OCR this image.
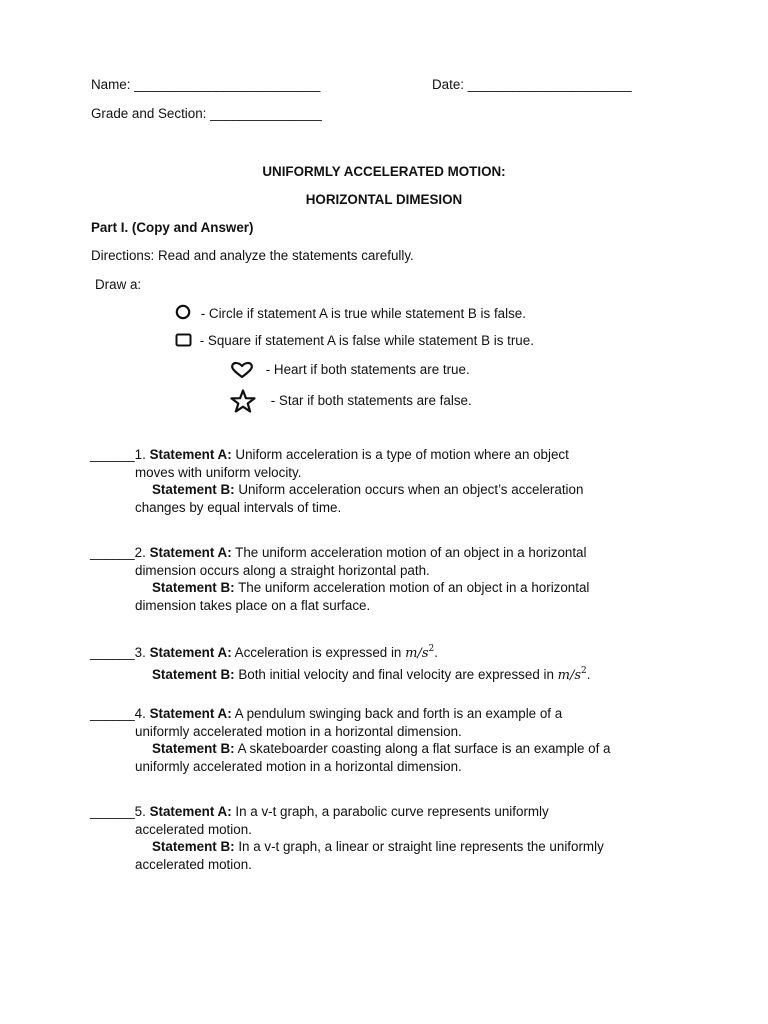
Name: _________________________	Date: ______________________
Grade and Section: _______________
UNIFORMLY ACCELERATED MOTION:
HORIZONTAL DIMESION
Part I. (Copy and Answer)
Directions: Read and analyze the statements carefully.
Draw a:
- Circle if statement A is true while statement B is false.
- Square if statement A is false while statement B is true.
- Heart if both statements are true.
- Star if both statements are false.
______1. Statement A: Uniform acceleration is a type of motion where an object
moves with uniform velocity.
Statement B: Uniform acceleration occurs when an object’s acceleration
changes by equal intervals of time.
______2. Statement A: The uniform acceleration motion of an object in a horizontal
dimension occurs along a straight horizontal path.
Statement B: The uniform acceleration motion of an object in a horizontal
dimension takes place on a flat surface.
______3. Statement A: Acceleration is expressed in $m/s^2$.
Statement B: Both initial velocity and final velocity are expressed in $m/s^2$.
______4. Statement A: A pendulum swinging back and forth is an example of a
uniformly accelerated motion in a horizontal dimension.
Statement B: A skateboarder coasting along a flat surface is an example of a
uniformly accelerated motion in a horizontal dimension.
______5. Statement A: In a v-t graph, a parabolic curve represents uniformly
accelerated motion.
Statement B: In a v-t graph, a linear or straight line represents the uniformly
accelerated motion.
